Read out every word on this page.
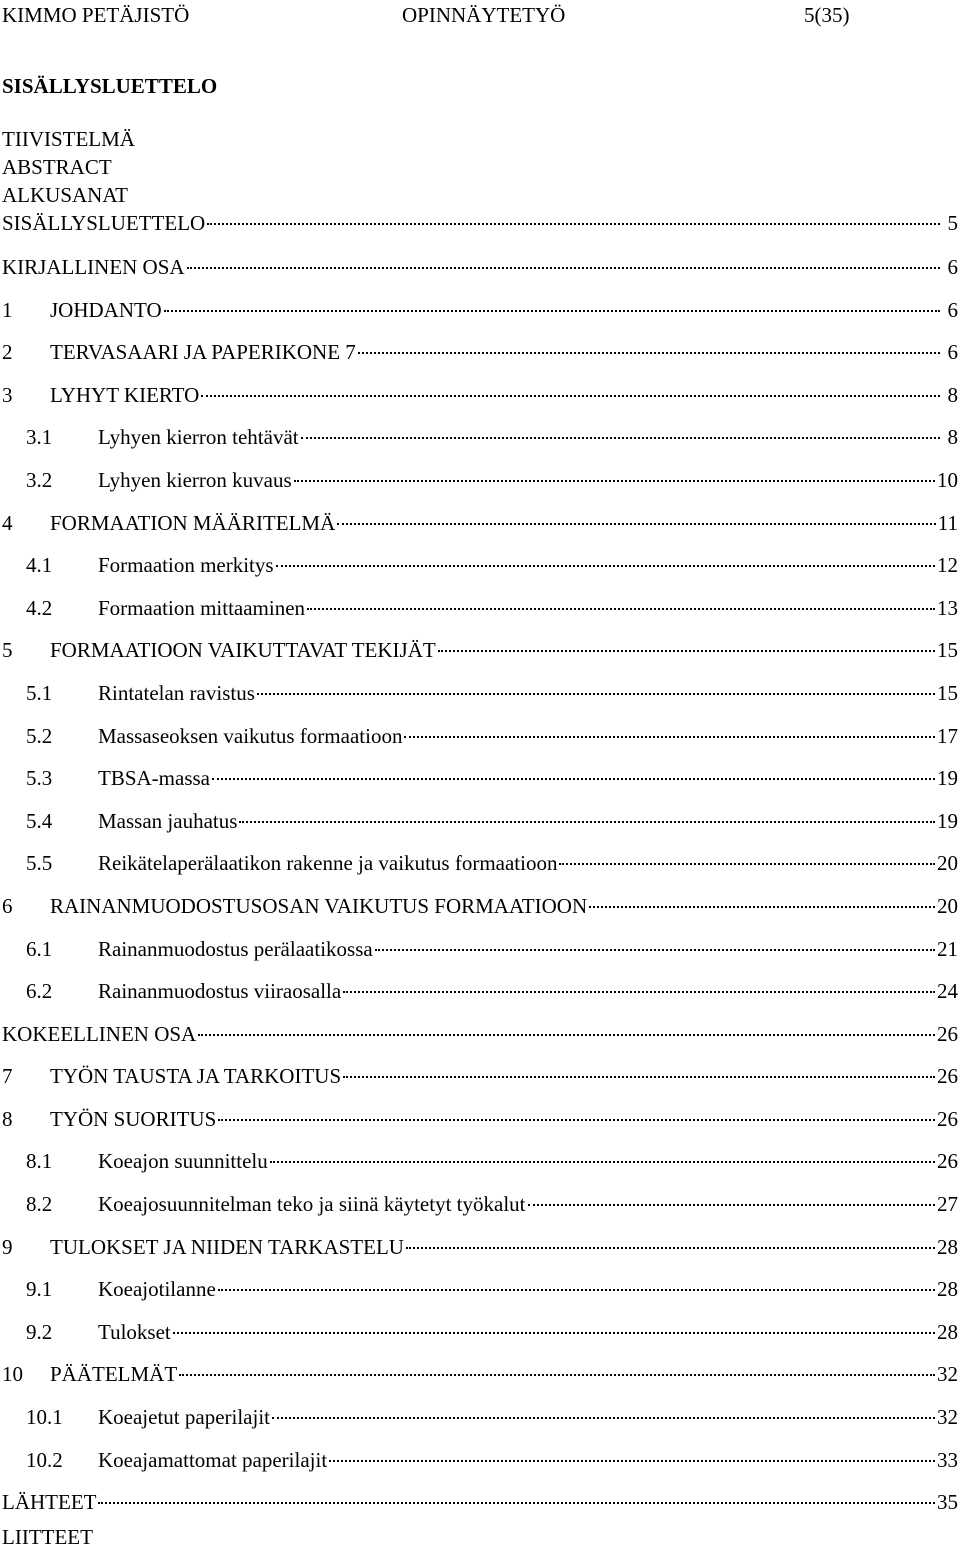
KIMMO PETÄJISTÖ	OPINNÄYTETYÖ	5(35)
SISÄLLYSLUETTELO
TIIVISTELMÄ
ABSTRACT
ALKUSANAT
SISÄLLYSLUETTELO	5
KIRJALLINEN OSA	6
1	JOHDANTO	6
2	TERVASAARI JA PAPERIKONE 7	6
3	LYHYT KIERTO	8
3.1	Lyhyen kierron tehtävät	8
3.2	Lyhyen kierron kuvaus	10
4	FORMAATION MÄÄRITELMÄ	11
4.1	Formaation merkitys	12
4.2	Formaation mittaaminen	13
5	FORMAATIOON VAIKUTTAVAT TEKIJÄT	15
5.1	Rintatelan ravistus	15
5.2	Massaseoksen vaikutus formaatioon	17
5.3	TBSA-massa	19
5.4	Massan jauhatus	19
5.5	Reikätelaperälaatikon rakenne ja vaikutus formaatioon	20
6	RAINANMUODOSTUSOSAN VAIKUTUS FORMAATIOON	20
6.1	Rainanmuodostus perälaatikossa	21
6.2	Rainanmuodostus viiraosalla	24
KOKEELLINEN OSA	26
7	TYÖN TAUSTA JA TARKOITUS	26
8	TYÖN SUORITUS	26
8.1	Koeajon suunnittelu	26
8.2	Koeajosuunnitelman teko ja siinä käytetyt työkalut	27
9	TULOKSET JA NIIDEN TARKASTELU	28
9.1	Koeajotilanne	28
9.2	Tulokset	28
10	PÄÄTELMÄT	32
10.1	Koeajetut paperilajit	32
10.2	Koeajamattomat paperilajit	33
LÄHTEET	35
LIITTEET
